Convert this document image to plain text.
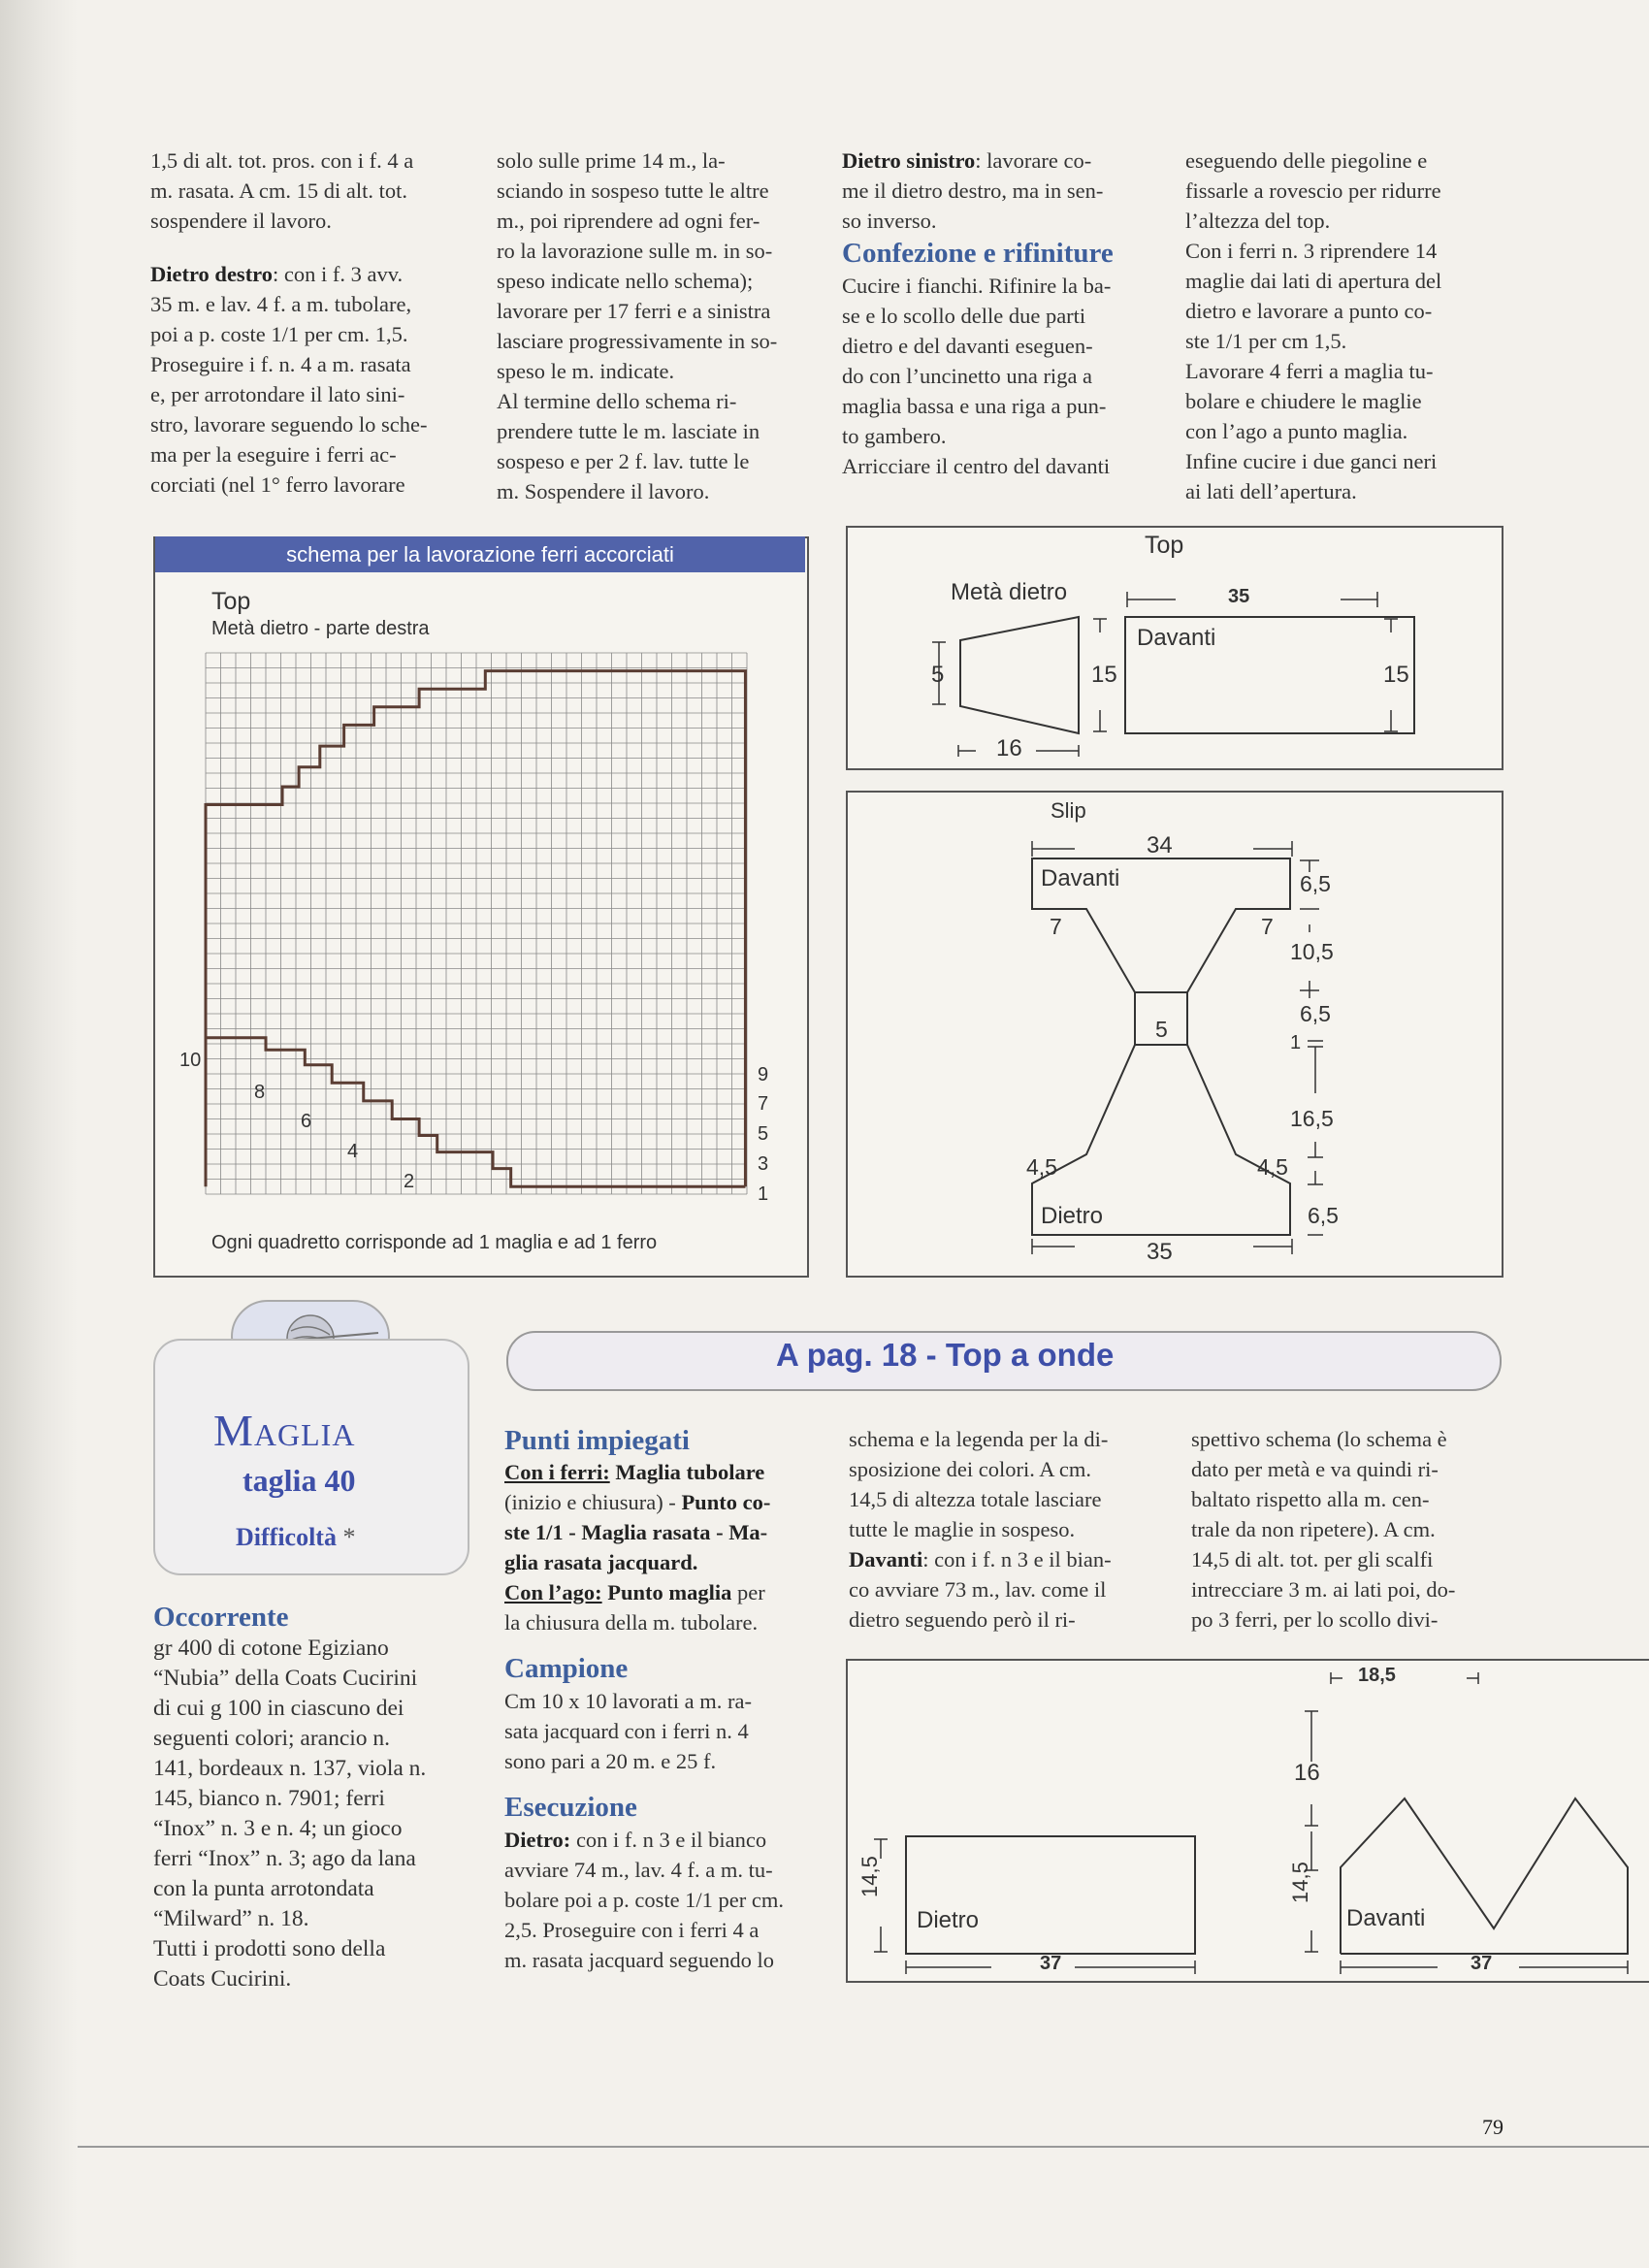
1,5 di alt. tot. pros. con i f. 4 a

m. rasata. A cm. 15 di alt. tot.

sospendere il lavoro.

Dietro destro: con i f. 3 avv.

35 m. e lav. 4 f. a m. tubolare,

poi a p. coste 1/1 per cm. 1,5.

Proseguire i f. n. 4 a m. rasata

e, per arrotondare il lato sini-

stro, lavorare seguendo lo sche-

ma per la eseguire i ferri ac-

corciati (nel 1° ferro lavorare

solo sulle prime 14 m., la-

sciando in sospeso tutte le altre

m., poi riprendere ad ogni fer-

ro la lavorazione sulle m. in so-

speso indicate nello schema);

lavorare per 17 ferri e a sinistra

lasciare progressivamente in so-

speso le m. indicate.

Al termine dello schema ri-

prendere tutte le m. lasciate in

sospeso e per 2 f. lav. tutte le

m. Sospendere il lavoro.

Dietro sinistro: lavorare co-

me il dietro destro, ma in sen-

so inverso.

Confezione e rifiniture

Cucire i fianchi. Rifinire la ba-

se e lo scollo delle due parti

dietro e del davanti eseguen-

do con l’uncinetto una riga a

maglia bassa e una riga a pun-

to gambero.

Arricciare il centro del davanti

eseguendo delle piegoline e

fissarle a rovescio per ridurre

l’altezza del top.

Con i ferri n. 3 riprendere 14

maglie dai lati di apertura del

dietro e lavorare a punto co-

ste 1/1 per cm 1,5.

Lavorare 4 ferri a maglia tu-

bolare e chiudere le maglie

con l’ago a punto maglia.

Infine cucire i due ganci neri

ai lati dell’apertura.

schema per la lavorazione ferri accorciati
Top
Metà dietro - parte destra
10
8
6
4
2
9
7
5
3
1
Ogni quadretto corrisponde ad 1 maglia e ad 1 ferro
Top
Metà dietro
Davanti
35
15	15
5
16
Slip
Davanti
Dietro
34
35
6,5
10,5
6,5
1
16,5
6,5
7	7
5
4,5	4,5
Maglia
taglia 40
Difficoltà *
A pag. 18 - Top a onde

Occorrente

gr 400 di cotone Egiziano

“Nubia” della Coats Cucirini

di cui g 100 in ciascuno dei

seguenti colori; arancio n.

141, bordeaux n. 137, viola n.

145, bianco n. 7901; ferri

“Inox” n. 3 e n. 4; un gioco

ferri “Inox” n. 3; ago da lana

con la punta arrotondata

“Milward” n. 18.

Tutti i prodotti sono della

Coats Cucirini.

Punti impiegati

Con i ferri: Maglia tubolare

(inizio e chiusura) - Punto co-

ste 1/1 - Maglia rasata - Ma-

glia rasata jacquard.

Con l’ago: Punto maglia per

la chiusura della m. tubolare.

Campione

Cm 10 x 10 lavorati a m. ra-

sata jacquard con i ferri n. 4

sono pari a 20 m. e 25 f.

Esecuzione

Dietro: con i f. n 3 e il bianco

avviare 74 m., lav. 4 f. a m. tu-

bolare poi a p. coste 1/1 per cm.

2,5. Proseguire con i ferri 4 a

m. rasata jacquard seguendo lo

schema e la legenda per la di-

sposizione dei colori. A cm.

14,5 di altezza totale lasciare

tutte le maglie in sospeso.

Davanti: con i f. n 3 e il bian-

co avviare 73 m., lav. come il

dietro seguendo però il ri-

spettivo schema (lo schema è

dato per metà e va quindi ri-

baltato rispetto alla m. cen-

trale da non ripetere). A cm.

14,5 di alt. tot. per gli scalfi

intrecciare 3 m. ai lati poi, do-

po 3 ferri, per lo scollo divi-

Dietro	Davanti
14,5	14,5
37	37
18,5
16
79
